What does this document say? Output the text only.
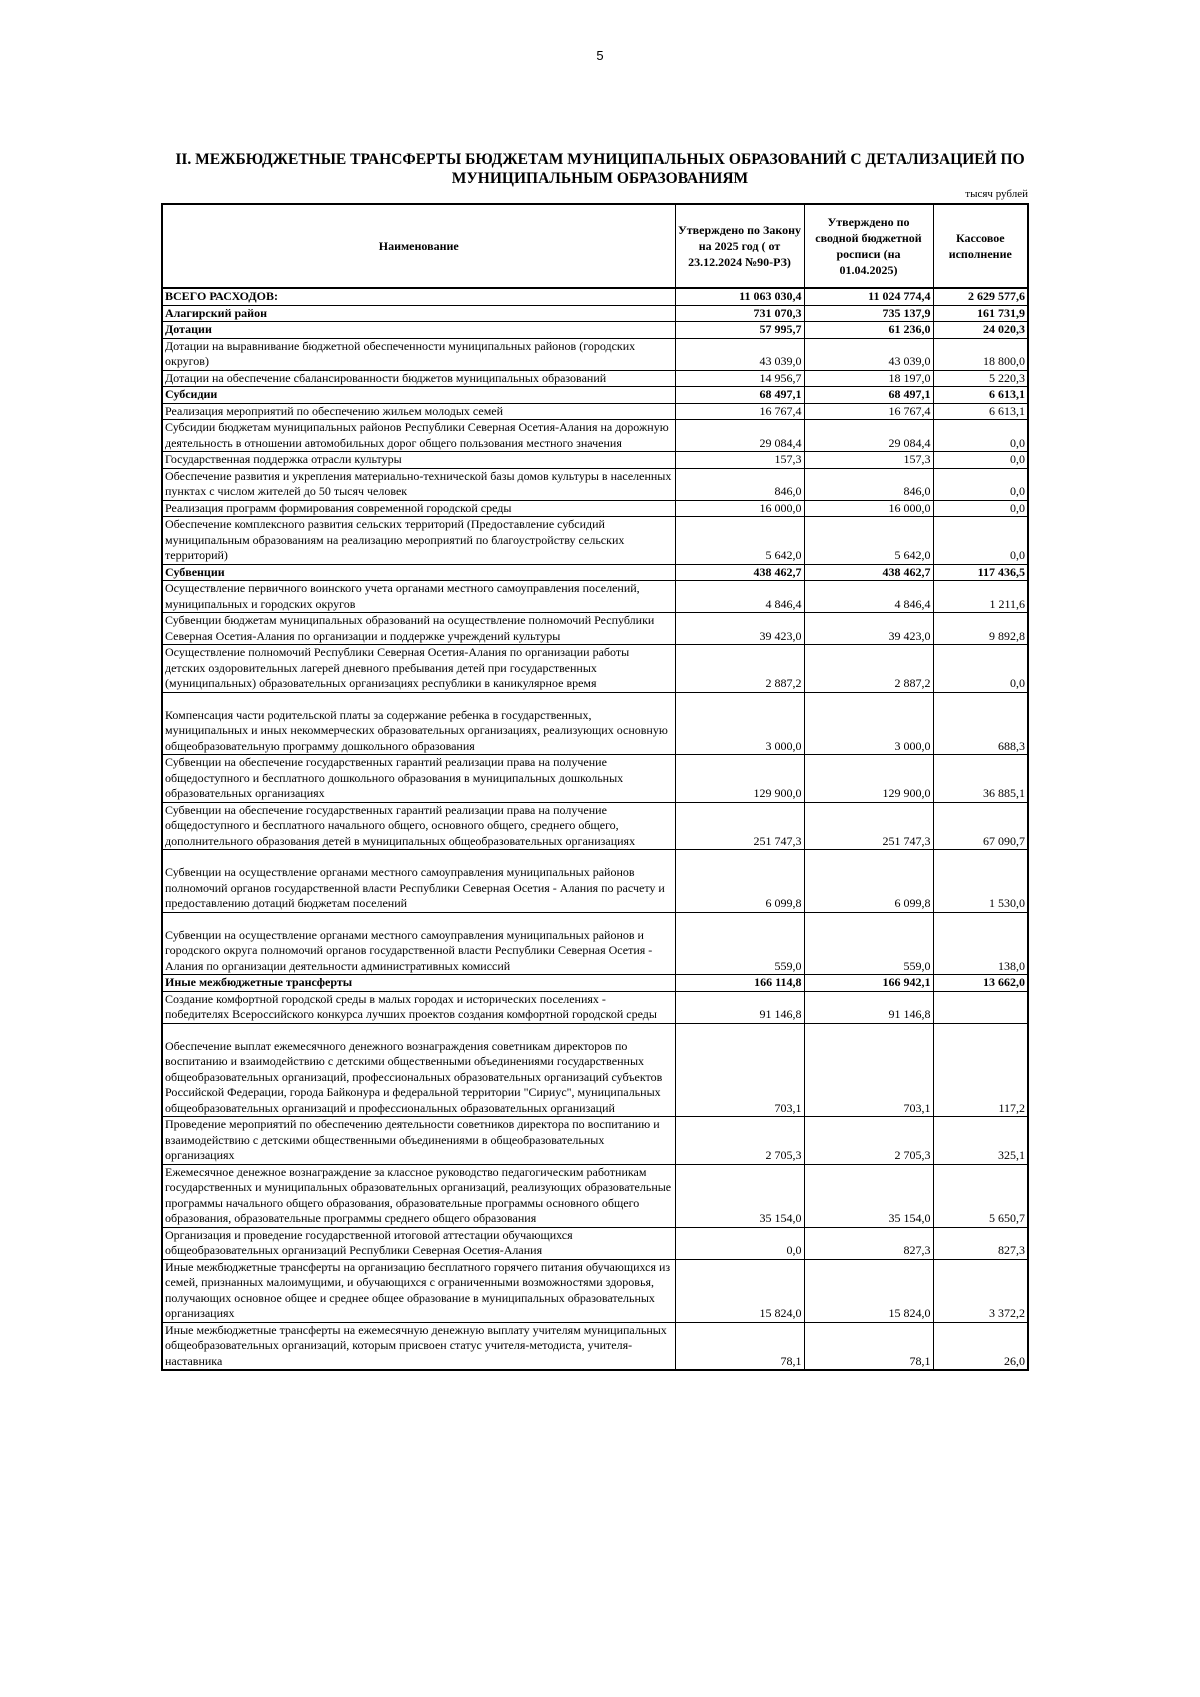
5
II. МЕЖБЮДЖЕТНЫЕ ТРАНСФЕРТЫ БЮДЖЕТАМ МУНИЦИПАЛЬНЫХ ОБРАЗОВАНИЙ С ДЕТАЛИЗАЦИЕЙ ПО
МУНИЦИПАЛЬНЫМ ОБРАЗОВАНИЯМ
тысяч рублей
Наименование	Утверждено по Законy на 2025 год ( от 23.12.2024 №90-РЗ)	Утверждено по сводной бюджетной росписи (на 01.04.2025)	Кассовое исполнение
ВСЕГО РАСХОДОВ:	11 063 030,4	11 024 774,4	2 629 577,6
Алагирский район	731 070,3	735 137,9	161 731,9
Дотации	57 995,7	61 236,0	24 020,3
Дотации на выравнивание бюджетной обеспеченности муниципальных районов (городских округов)	43 039,0	43 039,0	18 800,0
Дотации на обеспечение сбалансированности бюджетов муниципальных образований	14 956,7	18 197,0	5 220,3
Субсидии	68 497,1	68 497,1	6 613,1
Реализация мероприятий по обеспечению жильем молодых семей	16 767,4	16 767,4	6 613,1
Субсидии бюджетам муниципальных районов Республики Северная Осетия-Алания на дорожную деятельность в отношении автомобильных дорог общего пользования местного значения	29 084,4	29 084,4	0,0
Государственная поддержка отрасли культуры	157,3	157,3	0,0
Обеспечение развития и укрепления материально-технической базы домов культуры в населенных пунктах с числом жителей до 50 тысяч человек	846,0	846,0	0,0
Реализация программ формирования современной городской среды	16 000,0	16 000,0	0,0
Обеспечение комплексного развития сельских территорий (Предоставление субсидий муниципальным образованиям на реализацию мероприятий по благоустройству сельских территорий)	5 642,0	5 642,0	0,0
Субвенции	438 462,7	438 462,7	117 436,5
Осуществление первичного воинского учета органами местного самоуправления поселений, муниципальных и городских округов	4 846,4	4 846,4	1 211,6
Субвенции бюджетам муниципальных образований на осуществление полномочий Республики Северная Осетия-Алания по организации и поддержке учреждений культуры	39 423,0	39 423,0	9 892,8
Осуществление полномочий Республики Северная Осетия-Алания по организации работы детских оздоровительных лагерей дневного пребывания детей при государственных (муниципальных) образовательных организациях республики в каникулярное время	2 887,2	2 887,2	0,0
Компенсация части родительской платы за содержание ребенка в государственных, муниципальных и иных некоммерческих образовательных организациях, реализующих основную общеобразовательную программу дошкольного образования	3 000,0	3 000,0	688,3
Субвенции на обеспечение государственных гарантий реализации права на получение общедоступного и бесплатного дошкольного образования в муниципальных дошкольных образовательных организациях	129 900,0	129 900,0	36 885,1
Субвенции на обеспечение государственных гарантий реализации права на получение общедоступного и бесплатного начального общего, основного общего, среднего общего, дополнительного образования детей в муниципальных общеобразовательных организациях	251 747,3	251 747,3	67 090,7
Субвенции на осуществление органами местного самоуправления муниципальных районов полномочий органов государственной власти Республики Северная Осетия - Алания по расчету и предоставлению дотаций бюджетам поселений	6 099,8	6 099,8	1 530,0
Субвенции на осуществление органами местного самоуправления муниципальных районов и городского округа полномочий органов государственной власти Республики Северная Осетия - Алания по организации деятельности административных комиссий	559,0	559,0	138,0
Иные межбюджетные трансферты	166 114,8	166 942,1	13 662,0
Создание комфортной городской среды в малых городах и исторических поселениях - победителях Всероссийского конкурса лучших проектов создания комфортной городской среды	91 146,8	91 146,8	
Обеспечение выплат ежемесячного денежного вознаграждения советникам директоров по воспитанию и взаимодействию с детскими общественными объединениями государственных общеобразовательных организаций, профессиональных образовательных организаций субъектов Российской Федерации, города Байконура и федеральной территории "Сириус", муниципальных общеобразовательных организаций и профессиональных образовательных организаций	703,1	703,1	117,2
Проведение мероприятий по обеспечению деятельности советников директора по воспитанию и взаимодействию с детскими общественными объединениями в общеобразовательных организациях	2 705,3	2 705,3	325,1
Ежемесячное денежное вознаграждение за классное руководство педагогическим работникам государственных и муниципальных образовательных организаций, реализующих образовательные программы начального общего образования, образовательные программы основного общего образования, образовательные программы среднего общего образования	35 154,0	35 154,0	5 650,7
Организация и проведение государственной итоговой аттестации обучающихся общеобразовательных организаций Республики Северная Осетия-Алания	0,0	827,3	827,3
Иные межбюджетные трансферты на организацию бесплатного горячего питания обучающихся из семей, признанных малоимущими, и обучающихся с ограниченными возможностями здоровья, получающих основное общее и среднее общее образование в муниципальных образовательных организациях	15 824,0	15 824,0	3 372,2
Иные межбюджетные трансферты на ежемесячную денежную выплату учителям муниципальных общеобразовательных организаций, которым присвоен статус учителя-методиста, учителя-наставника	78,1	78,1	26,0
